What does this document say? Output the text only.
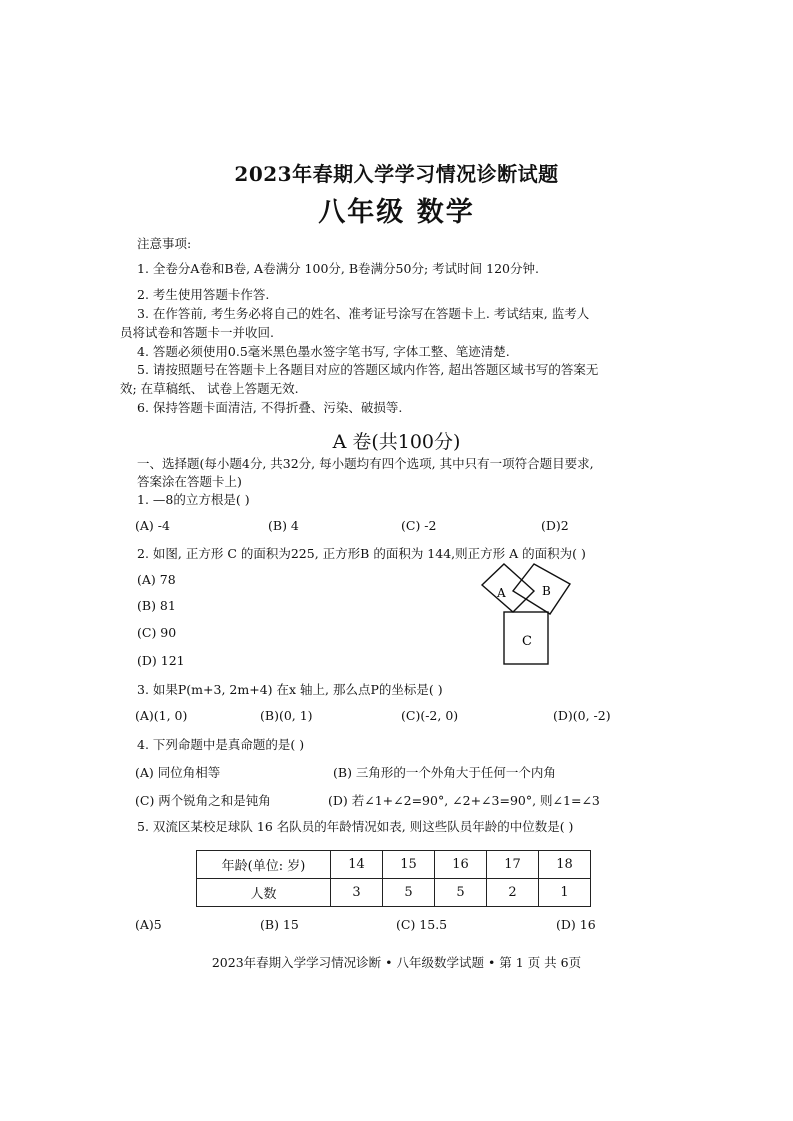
2023年春期入学学习情况诊断试题
八年级 数学
注意事项:
1. 全卷分A卷和B卷, A卷满分 100分, B卷满分50分; 考试时间 120分钟.
2. 考生使用答题卡作答.
3. 在作答前, 考生务必将自己的姓名、准考证号涂写在答题卡上. 考试结束, 监考人
员将试卷和答题卡一并收回.
4. 答题必须使用0.5毫米黑色墨水签字笔书写, 字体工整、笔迹清楚.
5. 请按照题号在答题卡上各题目对应的答题区域内作答, 超出答题区域书写的答案无
效; 在草稿纸、 试卷上答题无效.
6. 保持答题卡面清洁, 不得折叠、污染、破损等.
A 卷(共100分)
一、选择题(每小题4分, 共32分, 每小题均有四个选项, 其中只有一项符合题目要求,
答案涂在答题卡上)
1. —8的立方根是( )
(A) -4	(B) 4	(C) -2	(D)2
2. 如图, 正方形 C 的面积为225, 正方形B 的面积为 144,则正方形 A 的面积为( )
(A) 78
(B) 81
(C) 90
(D) 121
A	B
C
3. 如果P(m+3, 2m+4) 在x 轴上, 那么点P的坐标是( )
(A)(1, 0)	(B)(0, 1)	(C)(-2, 0)	(D)(0, -2)
4. 下列命题中是真命题的是( )
(A) 同位角相等	(B) 三角形的一个外角大于任何一个内角
(C) 两个锐角之和是钝角	(D) 若∠1+∠2=90°, ∠2+∠3=90°, 则∠1=∠3
5. 双流区某校足球队 16 名队员的年龄情况如表, 则这些队员年龄的中位数是( )
年龄(单位: 岁)	14	15	16	17	18
人数	3	5	5	2	1
(A)5	(B) 15	(C) 15.5	(D) 16
2023年春期入学学习情况诊断 • 八年级数学试题 • 第 1 页 共 6页
